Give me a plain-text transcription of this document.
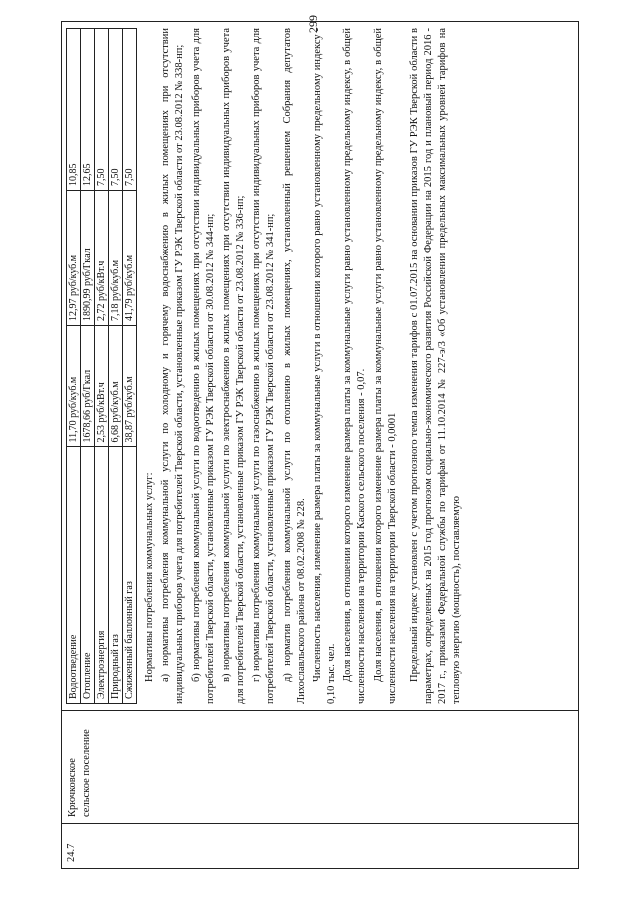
299
24.7	Крючковское сельское поселение	
Водоотведение	11,70 руб/куб.м	12,97 руб/куб.м	10,85
Отопление	1678,66 руб/Гкал	1890,99 руб/Гкал	12,65
Электроэнергия	2,53 руб/кВт.ч	2,72 руб/кВт.ч	7,50
Природный газ	6,68 руб/куб.м	7,18 руб/куб.м	7,50
Сжиженный баллонный газ	38,87 руб/куб.м	41,79 руб/куб.м	7,50

Нормативы потребления коммунальных услуг: а) нормативы потребления коммунальной услуги по холодному и горячему водоснабжению в жилых помещениях при отсутствии индивидуальных приборов учета для потребителей Тверской области, установленные приказом ГУ РЭК Тверской области от 23.08.2012 № 338-нп; б) нормативы потребления коммунальной услуги по водоотведению в жилых помещениях при отсутствии индивидуальных приборов учета для потребителей Тверской области, установленные приказом ГУ РЭК Тверской области от 30.08.2012 № 344-нп; в) нормативы потребления коммунальной услуги по электроснабжению в жилых помещениях при отсутствии индивидуальных приборов учета для потребителей Тверской области, установленные приказом ГУ РЭК Тверской области от 23.08.2012 № 336-нп; г) нормативы потребления коммунальной услуги по газоснабжению в жилых помещениях при отсутствии индивидуальных приборов учета для потребителей Тверской области, установленные приказом ГУ РЭК Тверской области от 23.08.2012 № 341-нп; д) норматив потребления коммунальной услуги по отоплению в жилых помещениях, установленный решением Собрания депутатов Лихославльского района от 08.02.2008 № 228. Численность населения, изменение размера платы за коммунальные услуги в отношении которого равно установленному предельному индексу - 0,10 тыс. чел. Доля населения, в отношении которого изменение размера платы за коммунальные услуги равно установленному предельному индексу, в общей численности населения на территории Каского сельского поселения - 0,07. Доля населения, в отношении которого изменение размера платы за коммунальные услуги равно установленному предельному индексу, в общей численности населения на территории Тверской области - 0,0001 Предельный индекс установлен с учетом прогнозного темпа изменения тарифов с 01.07.2015 на основании приказов ГУ РЭК Тверской области в параметрах, определенных на 2015 год прогнозом социально-экономического развития Российской Федерации на 2015 год и плановый период 2016 - 2017 г., приказами Федеральной службы по тарифам от 11.10.2014 № 227-э/3 «Об установлении предельных максимальных уровней тарифов на тепловую энергию (мощность), поставляемую
